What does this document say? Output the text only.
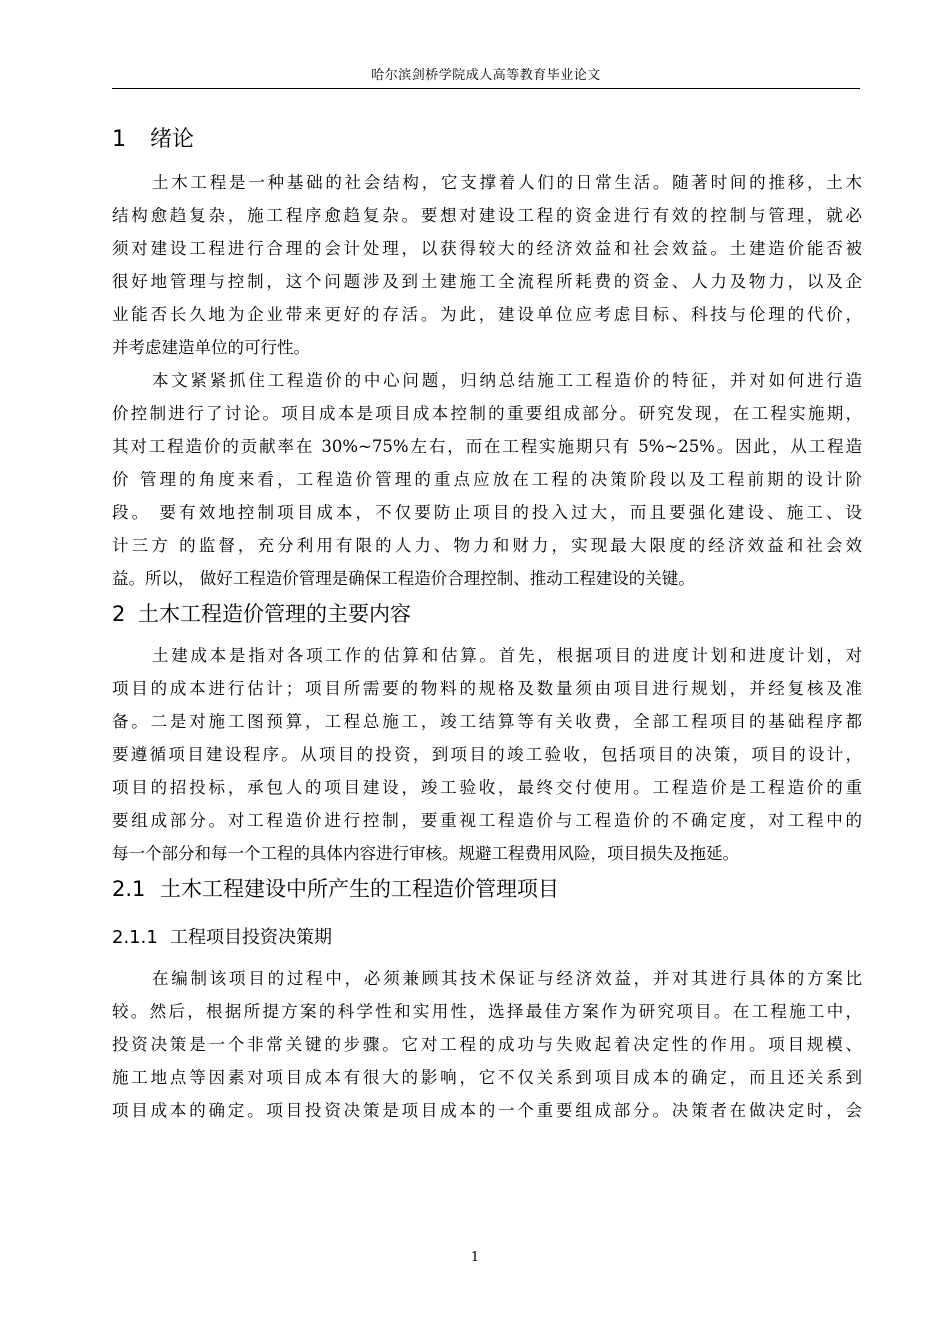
哈尔滨剑桥学院成人高等教育毕业论文
1 绪论
土木工程是一种基础的社会结构，它支撑着人们的日常生活。随著时间的推移，土木
结构愈趋复杂，施工程序愈趋复杂。要想对建设工程的资金进行有效的控制与管理，就必
须对建设工程进行合理的会计处理，以获得较大的经济效益和社会效益。土建造价能否被
很好地管理与控制，这个问题涉及到土建施工全流程所耗费的资金、人力及物力，以及企
业能否长久地为企业带来更好的存活。为此，建设单位应考虑目标、科技与伦理的代价，
并考虑建造单位的可行性。
本文紧紧抓住工程造价的中心问题，归纳总结施工工程造价的特征，并对如何进行造
价控制进行了讨论。项目成本是项目成本控制的重要组成部分。研究发现，在工程实施期，
其对工程造价的贡献率在 30%~75%左右，而在工程实施期只有 5%~25%。因此，从工程造
价 管理的角度来看，工程造价管理的重点应放在工程的决策阶段以及工程前期的设计阶
段。 要有效地控制项目成本，不仅要防止项目的投入过大，而且要强化建设、施工、设
计三方 的监督，充分利用有限的人力、物力和财力，实现最大限度的经济效益和社会效
益。所以， 做好工程造价管理是确保工程造价合理控制、推动工程建设的关键。
2 土木工程造价管理的主要内容
土建成本是指对各项工作的估算和估算。首先，根据项目的进度计划和进度计划，对
项目的成本进行估计；项目所需要的物料的规格及数量须由项目进行规划，并经复核及准
备。二是对施工图预算，工程总施工，竣工结算等有关收费，全部工程项目的基础程序都
要遵循项目建设程序。从项目的投资，到项目的竣工验收，包括项目的决策，项目的设计，
项目的招投标，承包人的项目建设，竣工验收，最终交付使用。工程造价是工程造价的重
要组成部分。对工程造价进行控制，要重视工程造价与工程造价的不确定度，对工程中的
每一个部分和每一个工程的具体内容进行审核。规避工程费用风险，项目损失及拖延。
2.1 土木工程建设中所产生的工程造价管理项目
2.1.1 工程项目投资决策期
在编制该项目的过程中，必须兼顾其技术保证与经济效益，并对其进行具体的方案比
较。然后，根据所提方案的科学性和实用性，选择最佳方案作为研究项目。在工程施工中，
投资决策是一个非常关键的步骤。它对工程的成功与失败起着决定性的作用。项目规模、
施工地点等因素对项目成本有很大的影响，它不仅关系到项目成本的确定，而且还关系到
项目成本的确定。项目投资决策是项目成本的一个重要组成部分。决策者在做决定时，会
1
